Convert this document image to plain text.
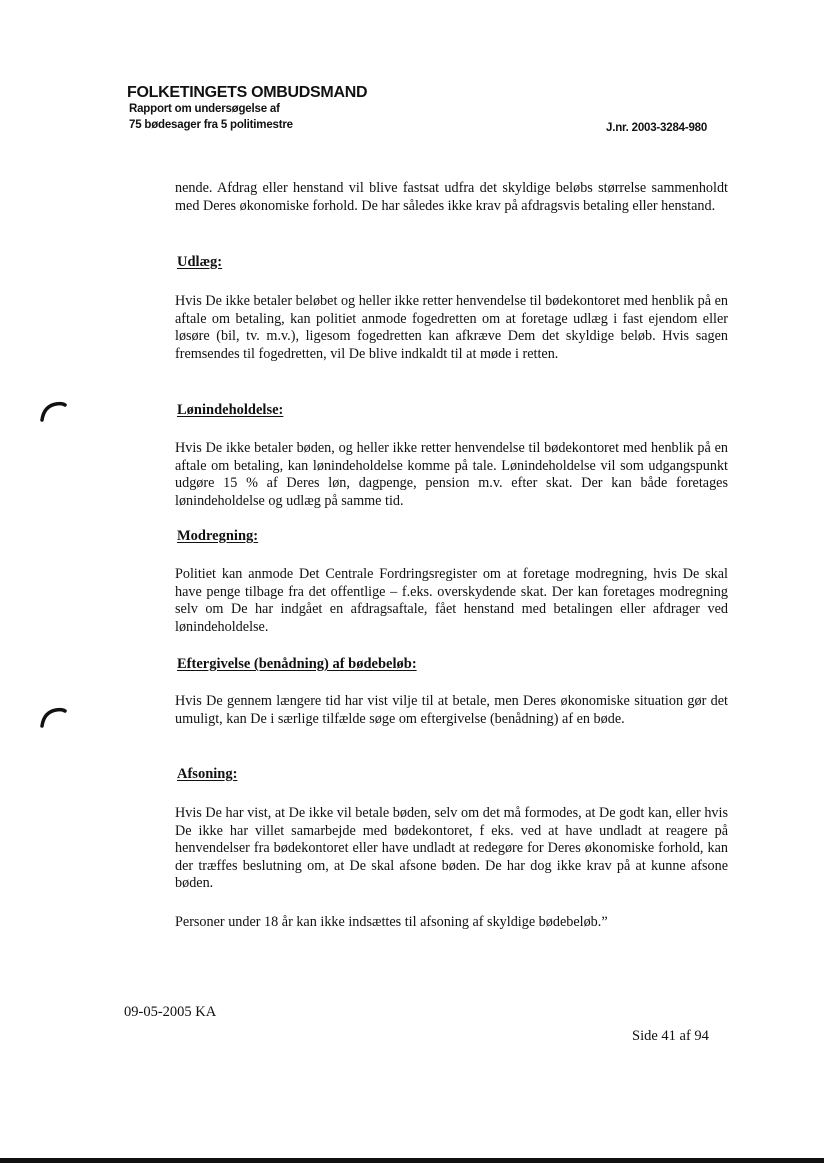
FOLKETINGETS OMBUDSMAND

Rapport om undersøgelse af

75 bødesager fra 5 politimestre	J.nr. 2003-3284-980

nende. Afdrag eller henstand vil blive fastsat udfra det skyldige beløbs størrelse sammenholdt med Deres økonomiske forhold. De har således ikke krav på afdragsvis betaling eller henstand.

Udlæg:

Hvis De ikke betaler beløbet og heller ikke retter henvendelse til bødekontoret med henblik på en aftale om betaling, kan politiet anmode fogedretten om at foretage udlæg i fast ejendom eller løsøre (bil, tv. m.v.), ligesom fogedretten kan afkræve Dem det skyldige beløb. Hvis sagen fremsendes til fogedretten, vil De blive indkaldt til at møde i retten.

Lønindeholdelse:

Hvis De ikke betaler bøden, og heller ikke retter henvendelse til bødekontoret med henblik på en aftale om betaling, kan lønindeholdelse komme på tale. Lønindeholdelse vil som udgangspunkt udgøre 15 % af Deres løn, dagpenge, pension m.v. efter skat. Der kan både foretages lønindeholdelse og udlæg på samme tid.

Modregning:

Politiet kan anmode Det Centrale Fordringsregister om at foretage modregning, hvis De skal have penge tilbage fra det offentlige – f.eks. overskydende skat. Der kan foretages modregning selv om De har indgået en afdragsaftale, fået henstand med betalingen eller afdrager ved lønindeholdelse.

Eftergivelse (benådning) af bødebeløb:

Hvis De gennem længere tid har vist vilje til at betale, men Deres økonomiske situation gør det umuligt, kan De i særlige tilfælde søge om eftergivelse (benådning) af en bøde.

Afsoning:

Hvis De har vist, at De ikke vil betale bøden, selv om det må formodes, at De godt kan, eller hvis De ikke har villet samarbejde med bødekontoret, f eks. ved at have undladt at reagere på henvendelser fra bødekontoret eller have undladt at redegøre for Deres økonomiske forhold, kan der træffes beslutning om, at De skal afsone bøden. De har dog ikke krav på at kunne afsone bøden.

Personer under 18 år kan ikke indsættes til afsoning af skyldige bødebeløb.”

09-05-2005 KA

Side 41 af 94
